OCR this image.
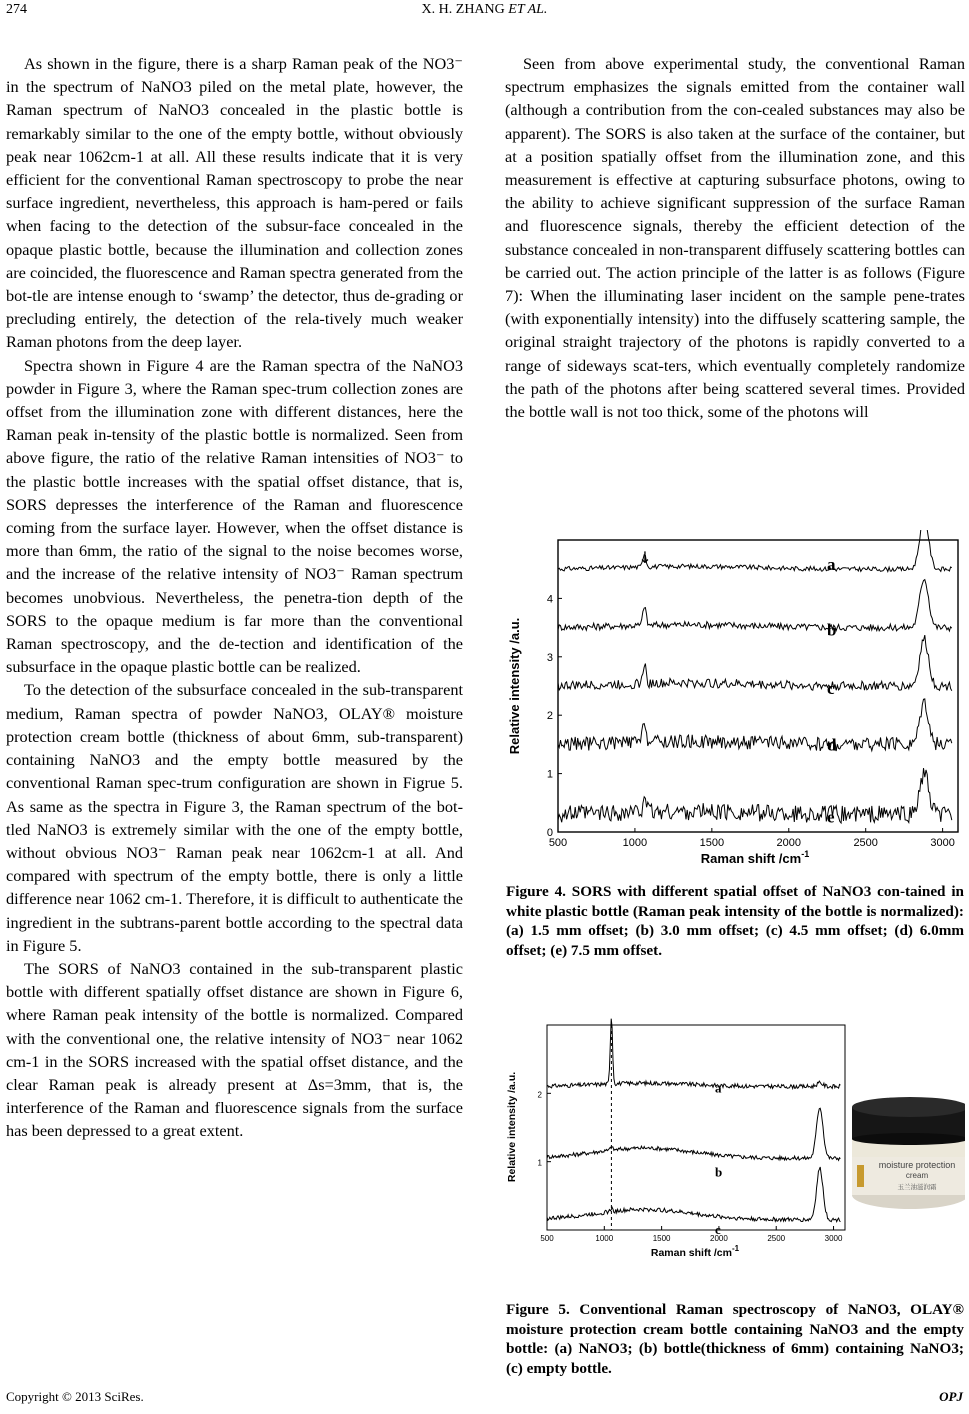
274	X. H. ZHANG ET AL.

As shown in the figure, there is a sharp Raman peak of the NO3⁻ in the spectrum of NaNO3 piled on the metal plate, however, the Raman spectrum of NaNO3 concealed in the plastic bottle is remarkably similar to the one of the empty bottle, without obviously peak near 1062cm-1 at all. All these results indicate that it is very efficient for the conventional Raman spectroscopy to probe the near surface ingredient, nevertheless, this approach is ham-pered or fails when facing to the detection of the subsur-face concealed in the opaque plastic bottle, because the illumination and collection zones are coincided, the fluorescence and Raman spectra generated from the bot-tle are intense enough to ‘swamp’ the detector, thus de-grading or precluding entirely, the detection of the rela-tively much weaker Raman photons from the deep layer.

Spectra shown in Figure 4 are the Raman spectra of the NaNO3 powder in Figure 3, where the Raman spec-trum collection zones are offset from the illumination zone with different distances, here the Raman peak in-tensity of the plastic bottle is normalized. Seen from above figure, the ratio of the relative Raman intensities of NO3⁻ to the plastic bottle increases with the spatial offset distance, that is, SORS depresses the interference of the Raman and fluorescence coming from the surface layer. However, when the offset distance is more than 6mm, the ratio of the signal to the noise becomes worse, and the increase of the relative intensity of NO3⁻ Raman spectrum becomes unobvious. Nevertheless, the penetra-tion depth of the SORS to the opaque medium is far more than the conventional Raman spectroscopy, and the de-tection and identification of the subsurface in the opaque plastic bottle can be realized.

To the detection of the subsurface concealed in the sub-transparent medium, Raman spectra of powder NaNO3, OLAY® moisture protection cream bottle (thickness of about 6mm, sub-transparent) containing NaNO3 and the empty bottle measured by the conventional Raman spec-trum configuration are shown in Figrue 5. As same as the spectra in Figure 3, the Raman spectrum of the bot-tled NaNO3 is extremely similar with the one of the empty bottle, without obvious NO3⁻ Raman peak near 1062cm-1 at all. And compared with spectrum of the empty bottle, there is only a little difference near 1062 cm-1. Therefore, it is difficult to authenticate the ingredient in the subtrans-parent bottle according to the spectral data in Figure 5.

The SORS of NaNO3 contained in the sub-transparent plastic bottle with different spatially offset distance are shown in Figure 6, where Raman peak intensity of the bottle is normalized. Compared with the conventional one, the relative intensity of NO3⁻ near 1062 cm-1 in the SORS increased with the spatial offset distance, and the clear Raman peak is already present at Δs=3mm, that is, the interference of the Raman and fluorescence signals from the surface has been depressed to a great extent.

Seen from above experimental study, the conventional Raman spectrum emphasizes the signals emitted from the container wall (although a contribution from the con-cealed substances may also be apparent). The SORS is also taken at the surface of the container, but at a position spatially offset from the illumination zone, and this measurement is effective at capturing subsurface photons, owing to the ability to achieve significant suppression of the surface Raman and fluorescence signals, thereby the efficient detection of the substance concealed in non-transparent diffusely scattering bottles can be carried out. The action principle of the latter is as follows (Figure 7): When the illuminating laser incident on the sample pene-trates (with exponentially intensity) into the diffusely scattering sample, the original straight trajectory of the photons is rapidly converted to a range of sideways scat-ters, which eventually completely randomize the path of the photons after being scattered several times. Provided the bottle wall is not too thick, some of the photons will

a
b
c
d
e
500	1000	1500	2000	2500	3000
0
1
2
3
4
Relative intensity /a.u.
Raman shift $/cm^{-1}$
↓
Figure 4. SORS with different spatial offset of NaNO3 con-tained in white plastic bottle (Raman peak intensity of the bottle is normalized): (a) 1.5 mm offset; (b) 3.0 mm offset; (c) 4.5 mm offset; (d) 6.0mm offset; (e) 7.5 mm offset.
a
b
c
500	1000	1500	2000	2500	3000
1
2
Relative intensity /a.u.
Raman shift $/cm^{-1}$
moisture protection
cream
玉兰油滋润霜
Figure 5. Conventional Raman spectroscopy of NaNO3, OLAY® moisture protection cream bottle containing NaNO3 and the empty bottle: (a) NaNO3; (b) bottle(thickness of 6mm) containing NaNO3; (c) empty bottle.
Copyright © 2013 SciRes.	OPJ
